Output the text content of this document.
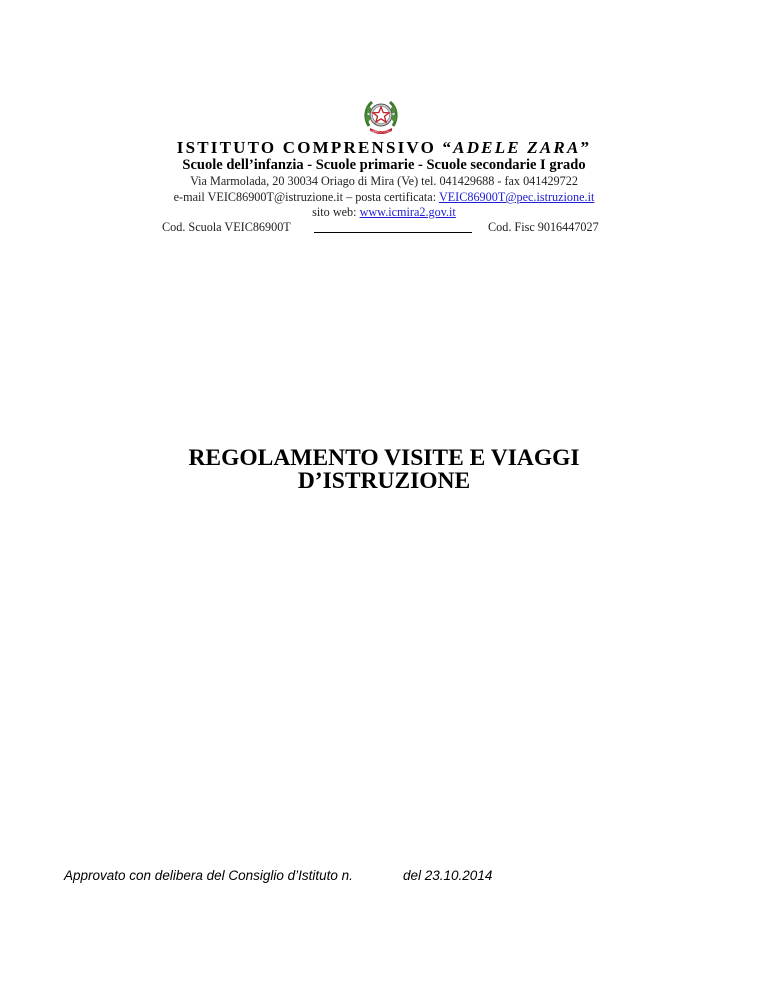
REPVBBLICA ITALIANA
ISTITUTO COMPRENSIVO “ADELE ZARA”
Scuole dell’infanzia - Scuole primarie - Scuole secondarie I grado
Via Marmolada, 20 30034 Oriago di Mira (Ve) tel. 041429688 - fax 041429722
e-mail VEIC86900T@istruzione.it – posta certificata: VEIC86900T@pec.istruzione.it
sito web: www.icmira2.gov.it
Cod. Scuola VEIC86900T	Cod. Fisc 9016447027
REGOLAMENTO VISITE E VIAGGI
D’ISTRUZIONE
Approvato con delibera del Consiglio d’Istituto n.	del 23.10.2014
